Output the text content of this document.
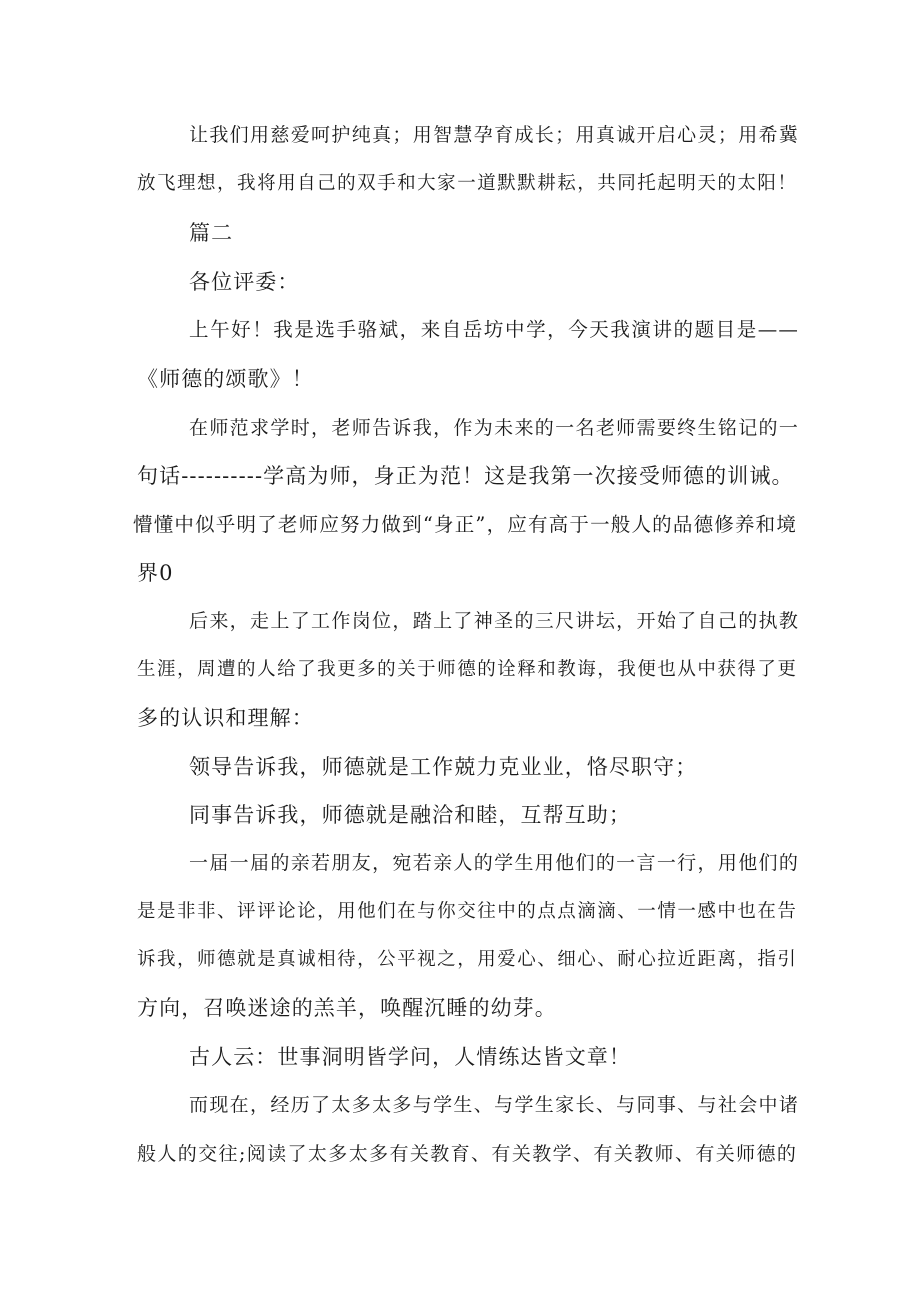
让我们用慈爱呵护纯真；用智慧孕育成长；用真诚开启心灵；用希冀
放飞理想，我将用自己的双手和大家一道默默耕耘，共同托起明天的太阳！
篇二
各位评委：
上午好！我是选手骆斌，来自岳坊中学，今天我演讲的题目是——
《师德的颂歌》！
在师范求学时，老师告诉我，作为未来的一名老师需要终生铭记的一
句话----------学高为师，身正为范！这是我第一次接受师德的训诫。
懵懂中似乎明了老师应努力做到“身正”，应有高于一般人的品德修养和境
界0
后来，走上了工作岗位，踏上了神圣的三尺讲坛，开始了自己的执教
生涯，周遭的人给了我更多的关于师德的诠释和教诲，我便也从中获得了更
多的认识和理解：
领导告诉我，师德就是工作兢力克业业，恪尽职守；
同事告诉我，师德就是融洽和睦，互帮互助；
一届一届的亲若朋友，宛若亲人的学生用他们的一言一行，用他们的
是是非非、评评论论，用他们在与你交往中的点点滴滴、一情一感中也在告
诉我，师德就是真诚相待，公平视之，用爱心、细心、耐心拉近距离，指引
方向，召唤迷途的羔羊，唤醒沉睡的幼芽。
古人云：世事洞明皆学问，人情练达皆文章！
而现在，经历了太多太多与学生、与学生家长、与同事、与社会中诸
般人的交往;阅读了太多太多有关教育、有关教学、有关教师、有关师德的
